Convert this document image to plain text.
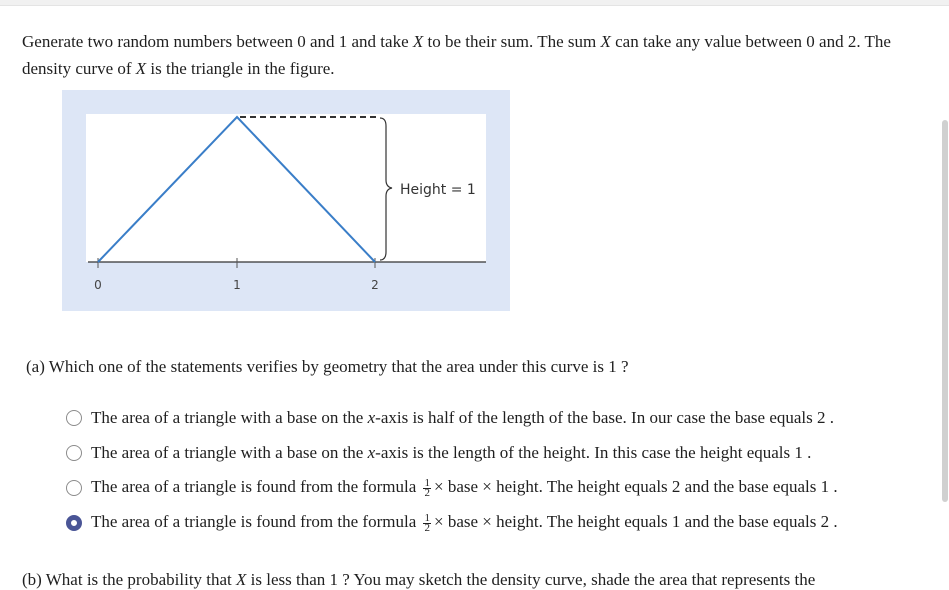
Generate two random numbers between 0 and 1 and take X to be their sum. The sum X can take any value between 0 and 2. The density curve of X is the triangle in the figure.
Height = 1
0	1	2
(a) Which one of the statements verifies by geometry that the area under this curve is 1 ?
The area of a triangle with a base on the x-axis is half of the length of the base. In our case the base equals 2 .
The area of a triangle with a base on the x-axis is the length of the height. In this case the height equals 1 .
The area of a triangle is found from the formula $\frac{1}{2}$ × base × height. The height equals 2 and the base equals 1 .
The area of a triangle is found from the formula $\frac{1}{2}$ × base × height. The height equals 1 and the base equals 2 .
(b) What is the probability that X is less than 1 ? You may sketch the density curve, shade the area that represents the
